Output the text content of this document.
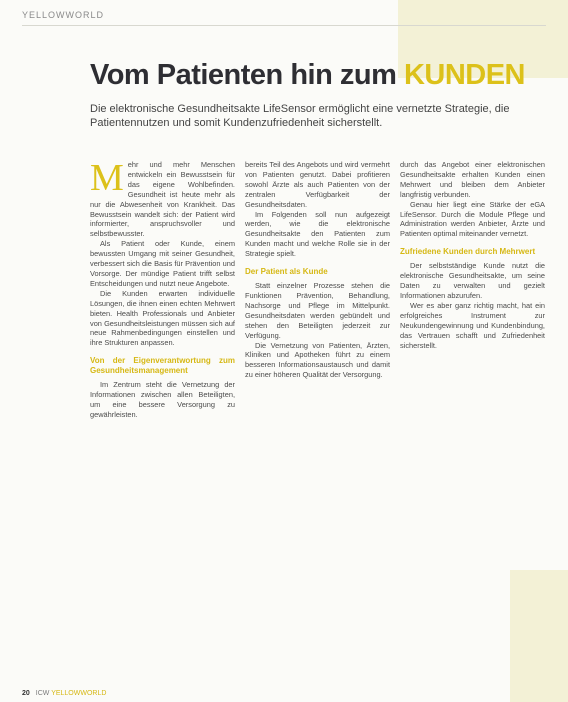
YELLOWWORLD
Vom Patienten hin zum KUNDEN

Die elektronische Gesundheitsakte LifeSensor ermöglicht eine vernetzte Strategie, die Patientennutzen und somit Kundenzufriedenheit sicherstellt.

Mehr und mehr Menschen entwickeln ein Bewusstsein für das eigene Wohlbefinden. Gesundheit ist heute mehr als nur die Abwesenheit von Krankheit. Das Bewusstsein wandelt sich: der Patient wird informierter, anspruchsvoller und selbstbewusster.

Als Patient oder Kunde, einem bewussten Umgang mit seiner Gesundheit, verbessert sich die Basis für Prävention und Vorsorge. Der mündige Patient trifft selbst Entscheidungen und nutzt neue Angebote.

Die Kunden erwarten individuelle Lösungen, die ihnen einen echten Mehrwert bieten. Health Professionals und Anbieter von Gesundheitsleistungen müssen sich auf neue Rahmenbedingungen einstellen und ihre Strukturen anpassen.

Von der Eigenverantwortung zum Gesundheitsmanagement

Im Zentrum steht die Vernetzung der Informationen zwischen allen Beteiligten, um eine bessere Versorgung zu gewährleisten.

bereits Teil des Angebots und wird vermehrt von Patienten genutzt. Dabei profitieren sowohl Ärzte als auch Patienten von der zentralen Verfügbarkeit der Gesundheitsdaten.

Im Folgenden soll nun aufgezeigt werden, wie die elektronische Gesundheitsakte den Patienten zum Kunden macht und welche Rolle sie in der Strategie spielt.

Der Patient als Kunde

Statt einzelner Prozesse stehen die Funktionen Prävention, Behandlung, Nachsorge und Pflege im Mittelpunkt. Gesundheitsdaten werden gebündelt und stehen den Beteiligten jederzeit zur Verfügung.

Die Vernetzung von Patienten, Ärzten, Kliniken und Apotheken führt zu einem besseren Informationsaustausch und damit zu einer höheren Qualität der Versorgung.

durch das Angebot einer elektronischen Gesundheitsakte erhalten Kunden einen Mehrwert und bleiben dem Anbieter langfristig verbunden.

Genau hier liegt eine Stärke der eGA LifeSensor. Durch die Module Pflege und Administration werden Anbieter, Ärzte und Patienten optimal miteinander vernetzt.

Zufriedene Kunden durch Mehrwert

Der selbstständige Kunde nutzt die elektronische Gesundheitsakte, um seine Daten zu verwalten und gezielt Informationen abzurufen.

Wer es aber ganz richtig macht, hat ein erfolgreiches Instrument zur Neukundengewinnung und Kundenbindung, das Vertrauen schafft und Zufriedenheit sicherstellt.

20 ICW YELLOWWORLD
